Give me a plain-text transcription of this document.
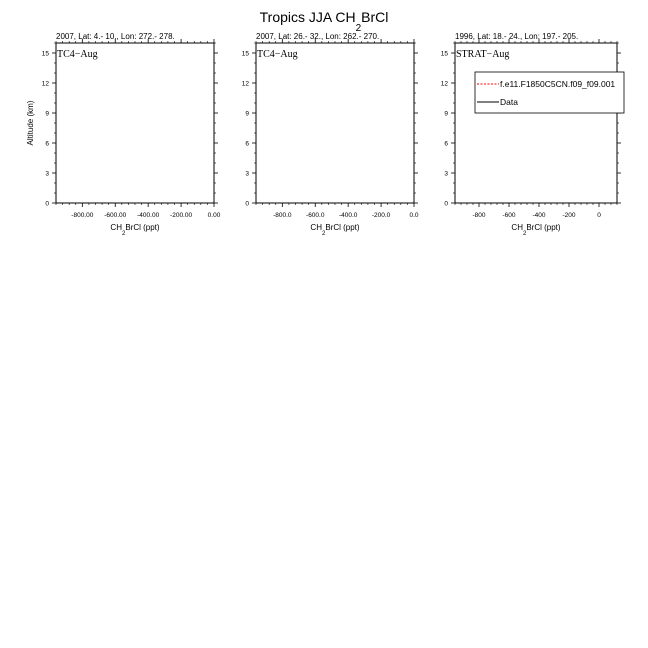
Tropics JJA $CH_2BrCl$
2007, Lat: 4.- 10., Lon: 272.- 278.
-800.00 -600.00 -400.00 -200.00 0.00
0
3
6
9
12
15
$CH_2BrCl$ (ppt)
Altitude (km)
TC4−Aug
2007, Lat: 26.- 32., Lon: 262.- 270.
-800.0 -600.0 -400.0 -200.0	0.0
0
3
6
9
12
15
$CH_2BrCl$ (ppt)
TC4−Aug
1996, Lat: 18.- 24., Lon: 197.- 205.
-800	-600	-400	-200	0
0
3
6
9
12
15
$CH_2BrCl$ (ppt)
STRAT−Aug
f.e11.F1850C5CN.f09_f09.001
Data
